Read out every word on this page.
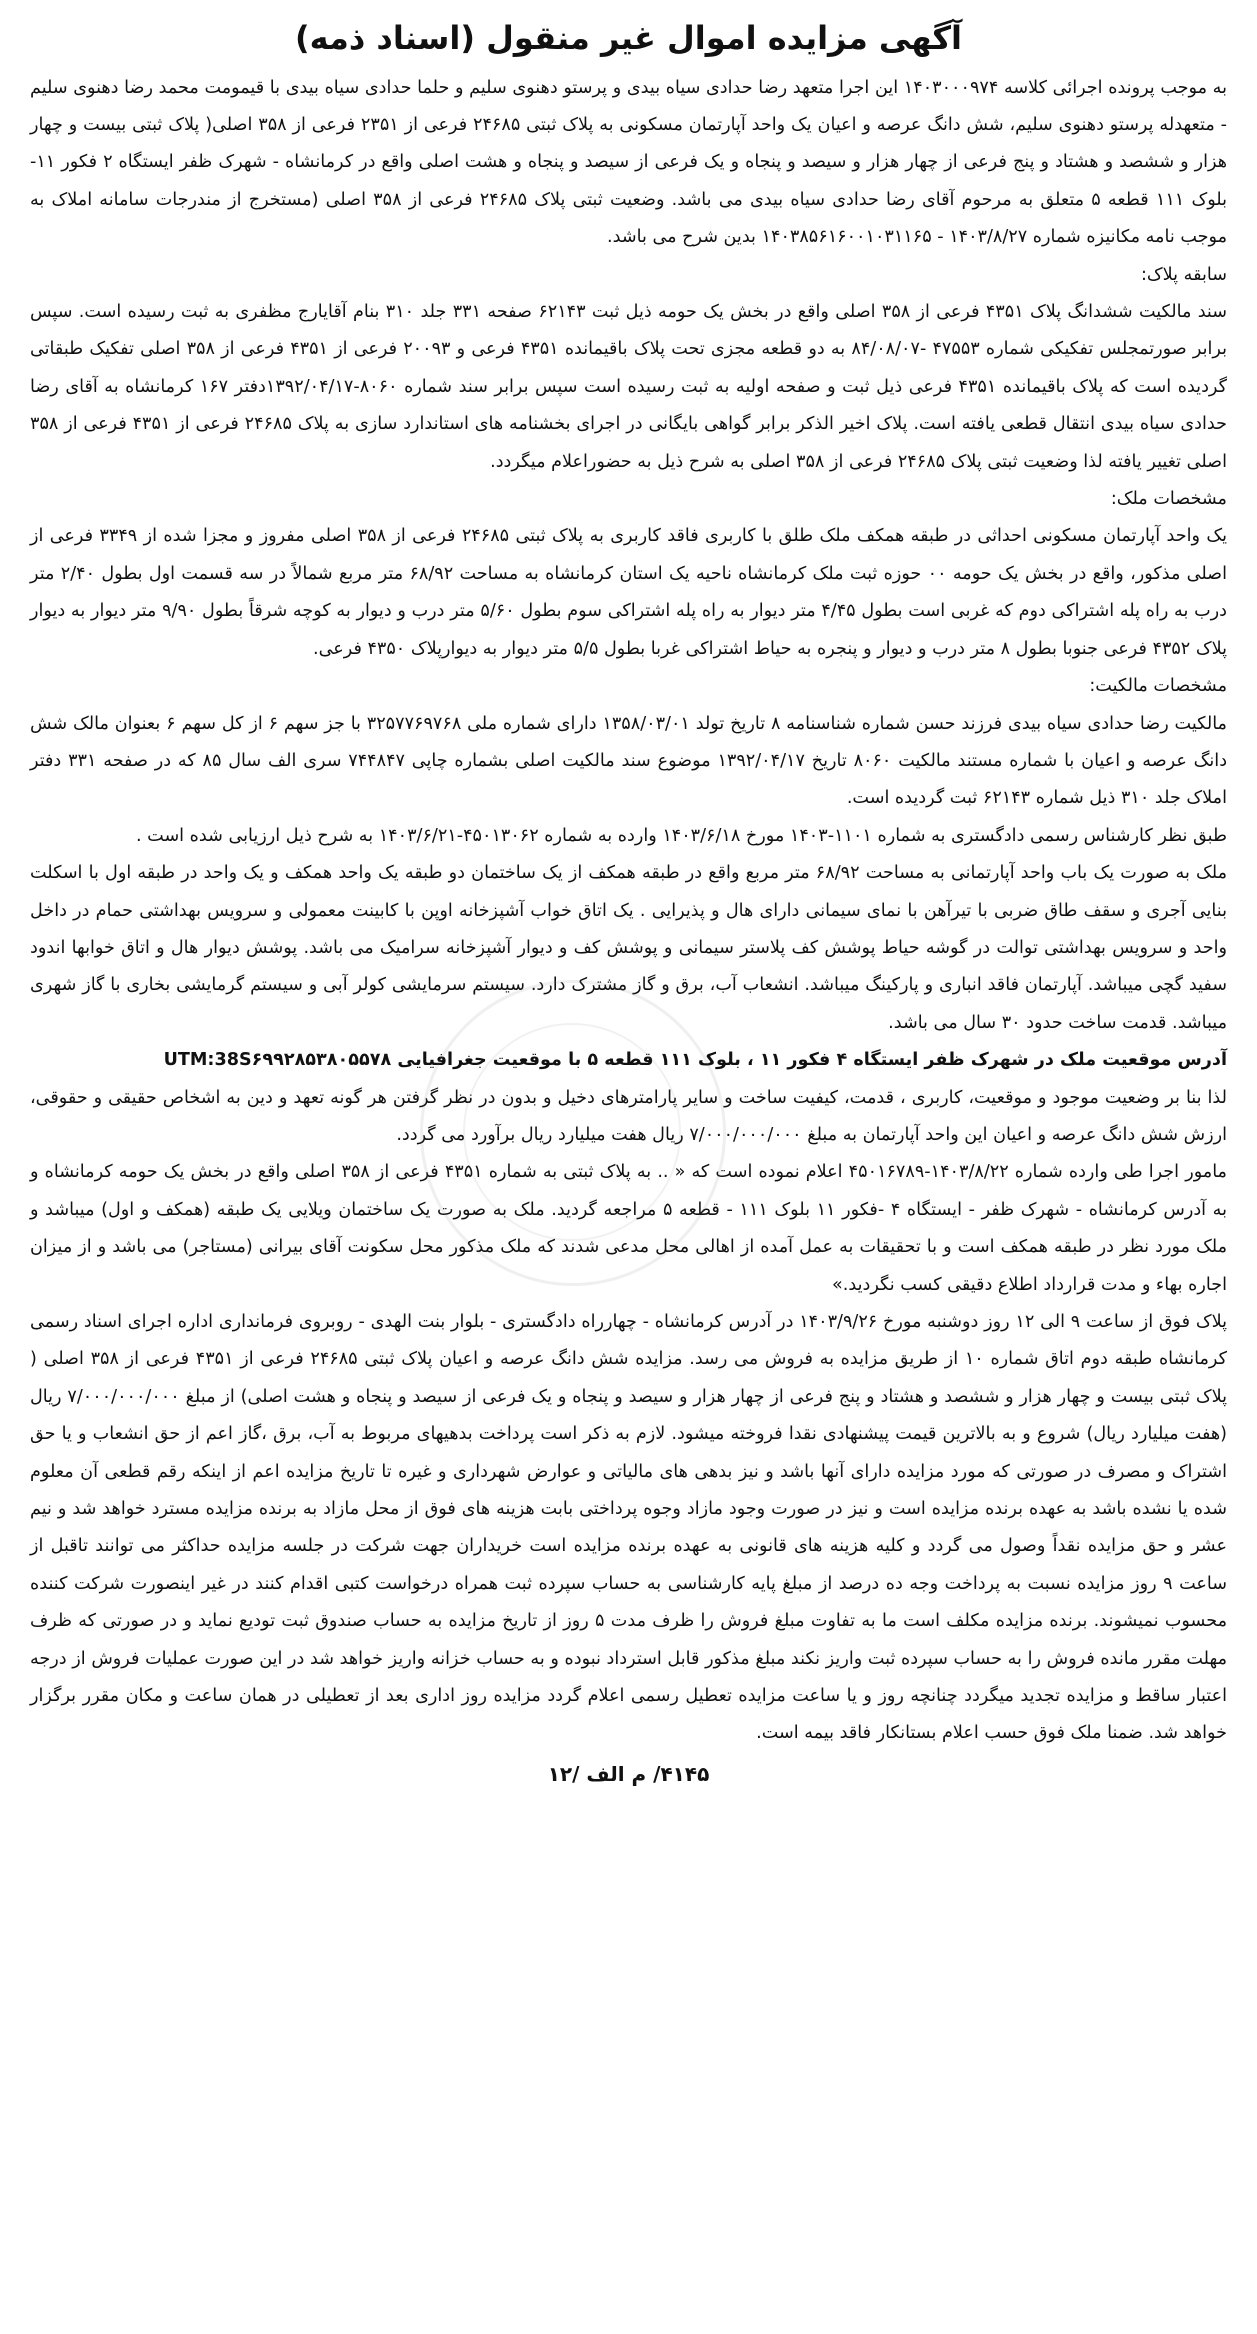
آگهی مزایده اموال غیر منقول (اسناد ذمه)

به موجب پرونده اجرائی کلاسه ۱۴۰۳۰۰۰۹۷۴ این اجرا متعهد رضا حدادی سیاه بیدی و پرستو دهنوی سلیم و حلما حدادی سیاه بیدی با قیمومت محمد رضا دهنوی سلیم - متعهدله پرستو دهنوی سلیم، شش دانگ عرصه و اعیان یک واحد آپارتمان مسکونی به پلاک ثبتی ۲۴۶۸۵ فرعی از ۲۳۵۱ فرعی از ۳۵۸ اصلی( پلاک ثبتی بیست و چهار هزار و ششصد و هشتاد و پنج فرعی از چهار هزار و سیصد و پنجاه و یک فرعی از سیصد و پنجاه و هشت اصلی واقع در کرمانشاه - شهرک ظفر ایستگاه ۲ فکور ۱۱-بلوک ۱۱۱ قطعه ۵ متعلق به مرحوم آقای رضا حدادی سیاه بیدی می باشد. وضعیت ثبتی پلاک ۲۴۶۸۵ فرعی از ۳۵۸ اصلی (مستخرج از مندرجات سامانه املاک به موجب نامه مکانیزه شماره ۱۴۰۳/۸/۲۷ - ۱۴۰۳۸۵۶۱۶۰۰۱۰۳۱۱۶۵ بدین شرح می باشد.

سابقه پلاک:

سند مالکیت ششدانگ پلاک ۴۳۵۱ فرعی از ۳۵۸ اصلی واقع در بخش یک حومه ذیل ثبت ۶۲۱۴۳ صفحه ۳۳۱ جلد ۳۱۰ بنام آقایارج مظفری به ثبت رسیده است. سپس برابر صورتمجلس تفکیکی شماره ۴۷۵۵۳ -۸۴/۰۸/۰۷ به دو قطعه مجزی تحت پلاک باقیمانده ۴۳۵۱ فرعی و ۲۰۰۹۳ فرعی از ۴۳۵۱ فرعی از ۳۵۸ اصلی تفکیک طبقاتی گردیده است که پلاک باقیمانده ۴۳۵۱ فرعی ذیل ثبت و صفحه اولیه به ثبت رسیده است سپس برابر سند شماره ۸۰۶۰-۱۳۹۲/۰۴/۱۷دفتر ۱۶۷ کرمانشاه به آقای رضا حدادی سیاه بیدی انتقال قطعی یافته است. پلاک اخیر الذکر برابر گواهی بایگانی در اجرای بخشنامه های استاندارد سازی به پلاک ۲۴۶۸۵ فرعی از ۴۳۵۱ فرعی از ۳۵۸ اصلی تغییر یافته لذا وضعیت ثبتی پلاک ۲۴۶۸۵ فرعی از ۳۵۸ اصلی به شرح ذیل به حضوراعلام میگردد.

مشخصات ملک:

یک واحد آپارتمان مسکونی احداثی در طبقه همکف ملک طلق با کاربری فاقد کاربری به پلاک ثبتی ۲۴۶۸۵ فرعی از ۳۵۸ اصلی مفروز و مجزا شده از ۳۳۴۹ فرعی از اصلی مذکور، واقع در بخش یک حومه ۰۰ حوزه ثبت ملک کرمانشاه ناحیه یک استان کرمانشاه به مساحت ۶۸/۹۲ متر مربع شمالاً در سه قسمت اول بطول ۲/۴۰ متر درب به راه پله اشتراکی دوم که غربی است بطول ۴/۴۵ متر دیوار به راه پله اشتراکی سوم بطول ۵/۶۰ متر درب و دیوار به کوچه شرقاً بطول ۹/۹۰ متر دیوار به دیوار پلاک ۴۳۵۲ فرعی جنوبا بطول ۸ متر درب و دیوار و پنجره به حیاط اشتراکی غربا بطول ۵/۵ متر دیوار به دیوارپلاک ۴۳۵۰ فرعی.

مشخصات مالکیت:

مالکیت رضا حدادی سیاه بیدی فرزند حسن شماره شناسنامه ۸ تاریخ تولد ۱۳۵۸/۰۳/۰۱ دارای شماره ملی ۳۲۵۷۷۶۹۷۶۸ با جز سهم ۶ از کل سهم ۶ بعنوان مالک شش دانگ عرصه و اعیان با شماره مستند مالکیت ۸۰۶۰ تاریخ ۱۳۹۲/۰۴/۱۷ موضوع سند مالکیت اصلی بشماره چاپی ۷۴۴۸۴۷ سری الف سال ۸۵ که در صفحه ۳۳۱ دفتر املاک جلد ۳۱۰ ذیل شماره ۶۲۱۴۳ ثبت گردیده است.

طبق نظر کارشناس رسمی دادگستری به شماره ۱۱۰۱-۱۴۰۳ مورخ ۱۴۰۳/۶/۱۸ وارده به شماره ۴۵۰۱۳۰۶۲-۱۴۰۳/۶/۲۱ به شرح ذیل ارزیابی شده است .

ملک به صورت یک باب واحد آپارتمانی به مساحت ۶۸/۹۲ متر مربع واقع در طبقه همکف از یک ساختمان دو طبقه یک واحد همکف و یک واحد در طبقه اول با اسکلت بنایی آجری و سقف طاق ضربی با تیرآهن با نمای سیمانی دارای هال و پذیرایی . یک اتاق خواب آشپزخانه اوپن با کابینت معمولی و سرویس بهداشتی حمام در داخل واحد و سرویس بهداشتی توالت در گوشه حیاط پوشش کف پلاستر سیمانی و پوشش کف و دیوار آشپزخانه سرامیک می باشد. پوشش دیوار هال و اتاق خوابها اندود سفید گچی میباشد. آپارتمان فاقد انباری و پارکینگ میباشد. انشعاب آب، برق و گاز مشترک دارد. سیستم سرمایشی کولر آبی و سیستم گرمایشی بخاری با گاز شهری میباشد. قدمت ساخت حدود ۳۰ سال می باشد.

آدرس موقعیت ملک در شهرک ظفر ایستگاه ۴ فکور ۱۱ ، بلوک ۱۱۱ قطعه ۵ با موقعیت جغرافیایی UTM:38S۶۹۹۲۸۵۳۸۰۵۵۷۸

لذا بنا بر وضعیت موجود و موقعیت، کاربری ، قدمت، کیفیت ساخت و سایر پارامترهای دخیل و بدون در نظر گرفتن هر گونه تعهد و دین به اشخاص حقیقی و حقوقی، ارزش شش دانگ عرصه و اعیان این واحد آپارتمان به مبلغ ۷/۰۰۰/۰۰۰/۰۰۰ ریال هفت میلیارد ریال برآورد می گردد.

مامور اجرا طی وارده شماره ۱۴۰۳/۸/۲۲-۴۵۰۱۶۷۸۹ اعلام نموده است که « .. به پلاک ثبتی به شماره ۴۳۵۱ فرعی از ۳۵۸ اصلی واقع در بخش یک حومه کرمانشاه و به آدرس کرمانشاه - شهرک ظفر - ایستگاه ۴ -فکور ۱۱ بلوک ۱۱۱ - قطعه ۵ مراجعه گردید. ملک به صورت یک ساختمان ویلایی یک طبقه (همکف و اول) میباشد و ملک مورد نظر در طبقه همکف است و با تحقیقات به عمل آمده از اهالی محل مدعی شدند که ملک مذکور محل سکونت آقای بیرانی (مستاجر) می باشد و از میزان اجاره بهاء و مدت قرارداد اطلاع دقیقی کسب نگردید.»

پلاک فوق از ساعت ۹ الی ۱۲ روز دوشنبه مورخ ۱۴۰۳/۹/۲۶ در آدرس کرمانشاه - چهارراه دادگستری - بلوار بنت الهدی - روبروی فرمانداری اداره اجرای اسناد رسمی کرمانشاه طبقه دوم اتاق شماره ۱۰ از طریق مزایده به فروش می رسد. مزایده شش دانگ عرصه و اعیان پلاک ثبتی ۲۴۶۸۵ فرعی از ۴۳۵۱ فرعی از ۳۵۸ اصلی ( پلاک ثبتی بیست و چهار هزار و ششصد و هشتاد و پنج فرعی از چهار هزار و سیصد و پنجاه و یک فرعی از سیصد و پنجاه و هشت اصلی) از مبلغ ۷/۰۰۰/۰۰۰/۰۰۰ ریال (هفت میلیارد ریال) شروع و به بالاترین قیمت پیشنهادی نقدا فروخته میشود. لازم به ذکر است پرداخت بدهیهای مربوط به آب، برق ،گاز اعم از حق انشعاب و یا حق اشتراک و مصرف در صورتی که مورد مزایده دارای آنها باشد و نیز بدهی های مالیاتی و عوارض شهرداری و غیره تا تاریخ مزایده اعم از اینکه رقم قطعی آن معلوم شده یا نشده باشد به عهده برنده مزایده است و نیز در صورت وجود مازاد وجوه پرداختی بابت هزینه های فوق از محل مازاد به برنده مزایده مسترد خواهد شد و نیم عشر و حق مزایده نقداً وصول می گردد و کلیه هزینه های قانونی به عهده برنده مزایده است خریداران جهت شرکت در جلسه مزایده حداکثر می توانند تاقبل از ساعت ۹ روز مزایده نسبت به پرداخت وجه ده درصد از مبلغ پایه کارشناسی به حساب سپرده ثبت همراه درخواست کتبی اقدام کنند در غیر اینصورت شرکت کننده محسوب نمیشوند. برنده مزایده مکلف است ما به تفاوت مبلغ فروش را ظرف مدت ۵ روز از تاریخ مزایده به حساب صندوق ثبت تودیع نماید و در صورتی که ظرف مهلت مقرر مانده فروش را به حساب سپرده ثبت واریز نکند مبلغ مذکور قابل استرداد نبوده و به حساب خزانه واریز خواهد شد در این صورت عملیات فروش از درجه اعتبار ساقط و مزایده تجدید میگردد چنانچه روز و یا ساعت مزایده تعطیل رسمی اعلام گردد مزایده روز اداری بعد از تعطیلی در همان ساعت و مکان مقرر برگزار خواهد شد. ضمنا ملک فوق حسب اعلام بستانکار فاقد بیمه است.

۴۱۴۵/ م الف /۱۲
